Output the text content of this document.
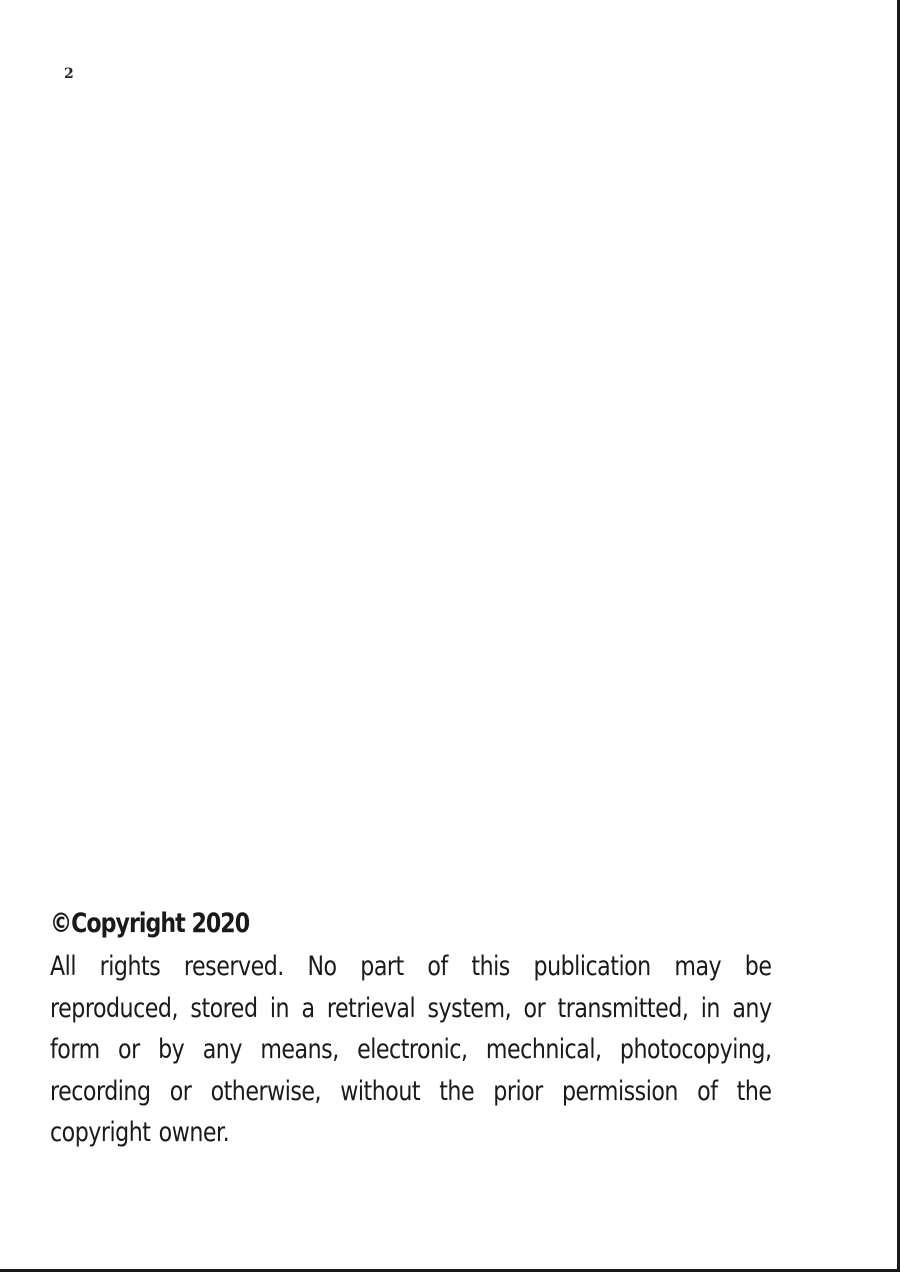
2
©Copyright 2020
All rights reserved. No part of this publication may be
reproduced, stored in a retrieval system, or transmitted, in any
form or by any means, electronic, mechnical, photocopying,
recording or otherwise, without the prior permission of the
copyright owner.
